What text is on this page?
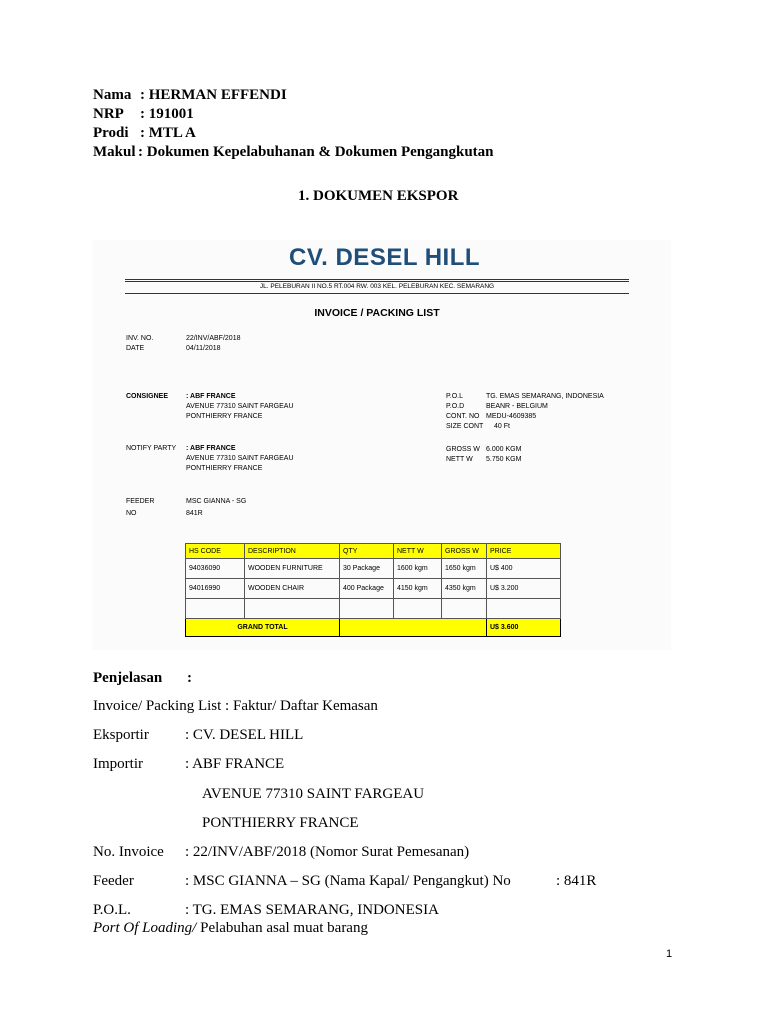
Nama : HERMAN EFFENDI
NRP : 191001
Prodi : MTL A
Makul : Dokumen Kepelabuhanan & Dokumen Pengangkutan
1. DOKUMEN EKSPOR
CV. DESEL HILL
JL. PELEBURAN II NO.5 RT.004 RW. 003 KEL. PELEBURAN KEC. SEMARANG
INVOICE / PACKING LIST
INV. NO.	22/INV/ABF/2018
DATE	04/11/2018
CONSIGNEE	: ABF FRANCE
AVENUE 77310 SAINT FARGEAU
PONTHIERRY FRANCE
NOTIFY PARTY : ABF FRANCE
AVENUE 77310 SAINT FARGEAU
PONTHIERRY FRANCE
FEEDER	MSC GIANNA - SG
NO	841R
P.O.L	TG. EMAS SEMARANG, INDONESIA
P.O.D	BEANR - BELGIUM
CONT. NO MEDU-4609385
SIZE CONT 40 Ft
GROSS W 6.000 KGM
NETT W 5.750 KGM
HS CODE	DESCRIPTION	QTY	NETT W	GROSS W	PRICE
94036090	WOODEN FURNITURE	30 Package	1600 kgm	1650 kgm	U$ 400
94016990	WOODEN CHAIR	400 Package	4150 kgm	4350 kgm	U$ 3.200

GRAND TOTAL					U$ 3.600
Penjelasan :
Invoice/ Packing List : Faktur/ Daftar Kemasan
Eksportir : CV. DESEL HILL
Importir	: ABF FRANCE
AVENUE 77310 SAINT FARGEAU
PONTHIERRY FRANCE
No. Invoice : 22/INV/ABF/2018 (Nomor Surat Pemesanan)
Feeder	: MSC GIANNA – SG (Nama Kapal/ Pengangkut) No	: 841R
P.O.L.	: TG. EMAS SEMARANG, INDONESIA
Port Of Loading/ Pelabuhan asal muat barang
1
